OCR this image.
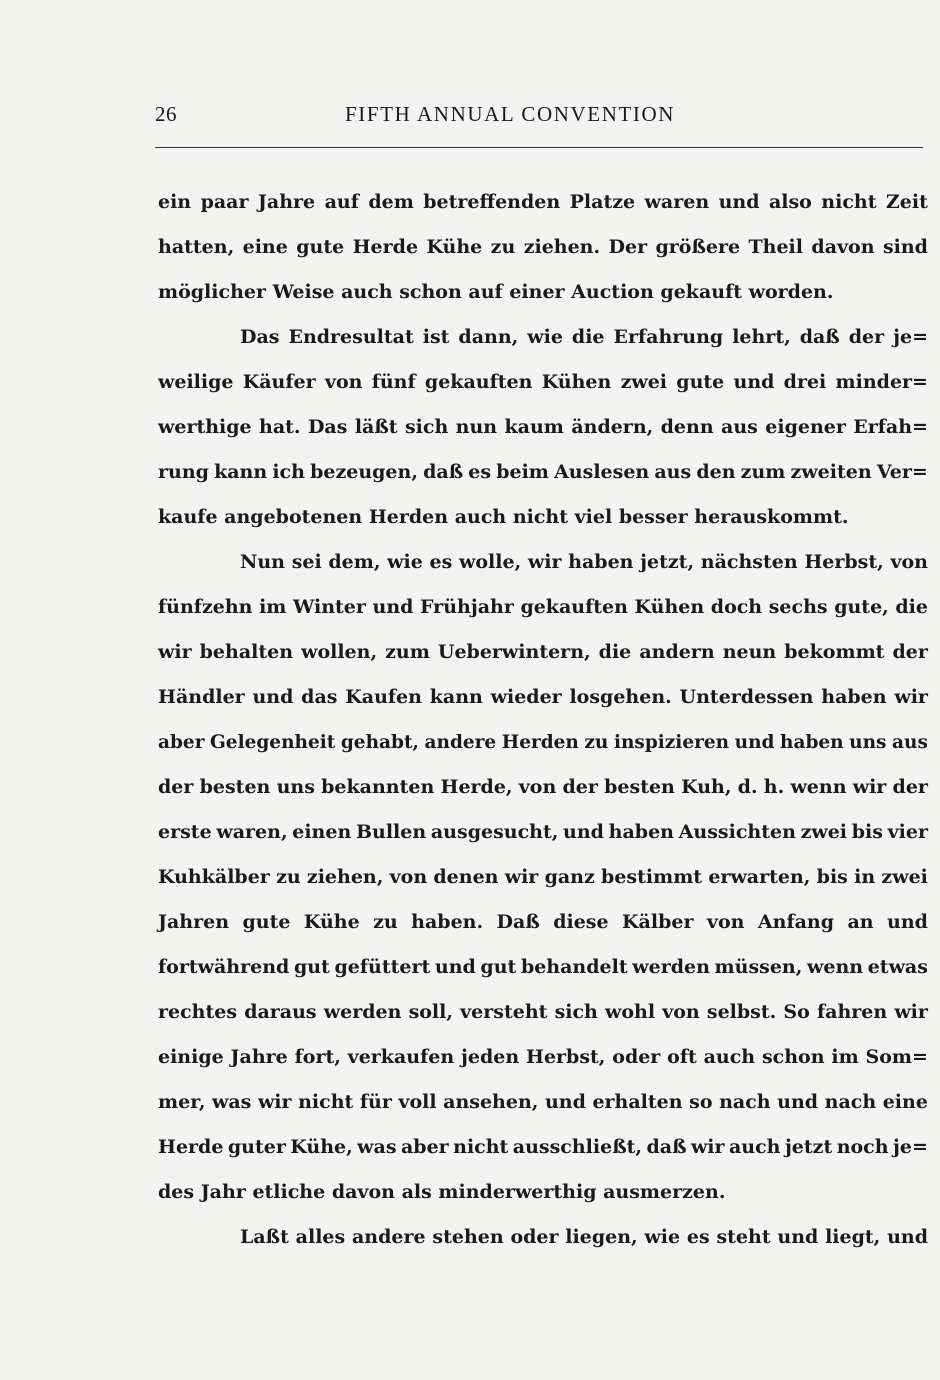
26	FIFTH ANNUAL CONVENTION
ein paar Jahre auf dem betreffenden Platze waren und also nicht Zeit
hatten, eine gute Herde Kühe zu ziehen. Der größere Theil davon sind
möglicher Weise auch schon auf einer Auction gekauft worden.
Das Endresultat ist dann, wie die Erfahrung lehrt, daß der je=
weilige Käufer von fünf gekauften Kühen zwei gute und drei minder=
werthige hat. Das läßt sich nun kaum ändern, denn aus eigener Erfah=
rung kann ich bezeugen, daß es beim Auslesen aus den zum zweiten Ver=
kaufe angebotenen Herden auch nicht viel besser herauskommt.
Nun sei dem, wie es wolle, wir haben jetzt, nächsten Herbst, von
fünfzehn im Winter und Frühjahr gekauften Kühen doch sechs gute, die
wir behalten wollen, zum Ueberwintern, die andern neun bekommt der
Händler und das Kaufen kann wieder losgehen. Unterdessen haben wir
aber Gelegenheit gehabt, andere Herden zu inspizieren und haben uns aus
der besten uns bekannten Herde, von der besten Kuh, d. h. wenn wir der
erste waren, einen Bullen ausgesucht, und haben Aussichten zwei bis vier
Kuhkälber zu ziehen, von denen wir ganz bestimmt erwarten, bis in zwei
Jahren gute Kühe zu haben. Daß diese Kälber von Anfang an und
fortwährend gut gefüttert und gut behandelt werden müssen, wenn etwas
rechtes daraus werden soll, versteht sich wohl von selbst. So fahren wir
einige Jahre fort, verkaufen jeden Herbst, oder oft auch schon im Som=
mer, was wir nicht für voll ansehen, und erhalten so nach und nach eine
Herde guter Kühe, was aber nicht ausschließt, daß wir auch jetzt noch je=
des Jahr etliche davon als minderwerthig ausmerzen.
Laßt alles andere stehen oder liegen, wie es steht und liegt, und
